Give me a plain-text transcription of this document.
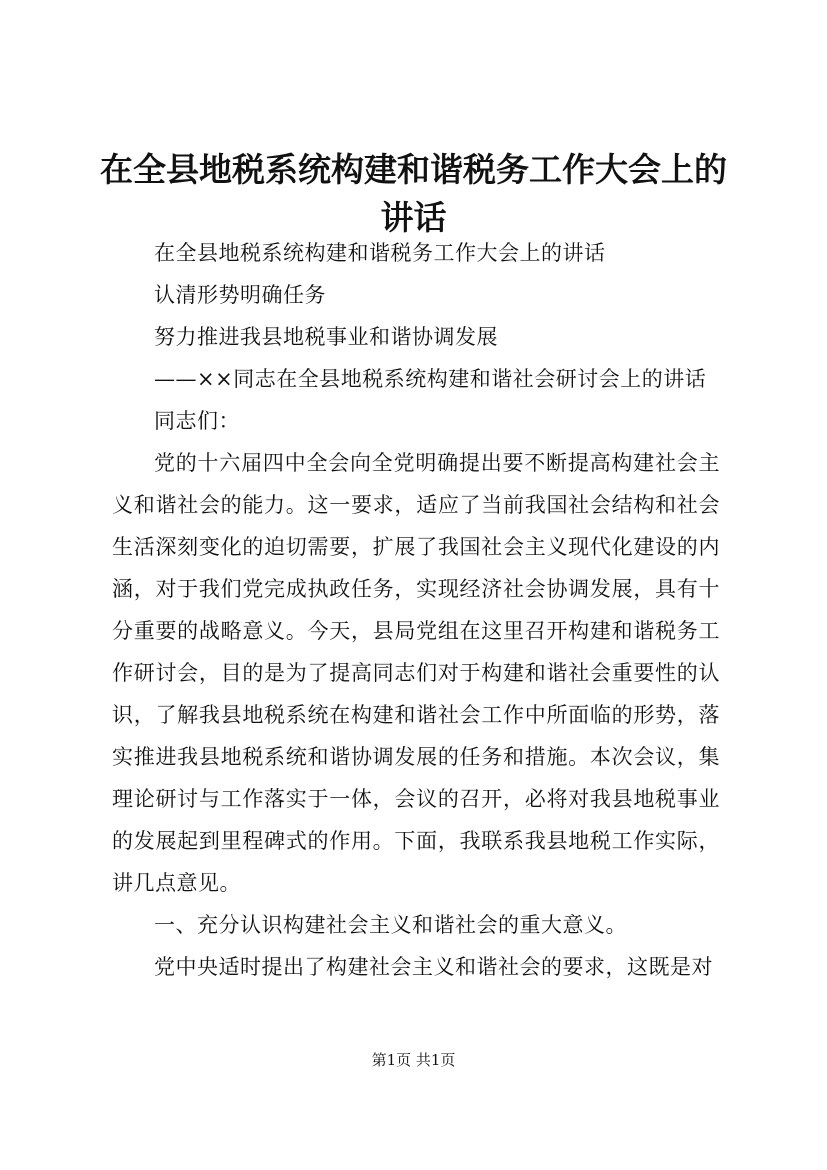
在全县地税系统构建和谐税务工作大会上的讲话

在全县地税系统构建和谐税务工作大会上的讲话

认清形势明确任务

努力推进我县地税事业和谐协调发展

——××同志在全县地税系统构建和谐社会研讨会上的讲话

同志们：

党的十六届四中全会向全党明确提出要不断提高构建社会主义和谐社会的能力。这一要求，适应了当前我国社会结构和社会生活深刻变化的迫切需要，扩展了我国社会主义现代化建设的内涵，对于我们党完成执政任务，实现经济社会协调发展，具有十分重要的战略意义。今天，县局党组在这里召开构建和谐税务工作研讨会，目的是为了提高同志们对于构建和谐社会重要性的认识，了解我县地税系统在构建和谐社会工作中所面临的形势，落实推进我县地税系统和谐协调发展的任务和措施。本次会议，集理论研讨与工作落实于一体，会议的召开，必将对我县地税事业的发展起到里程碑式的作用。下面，我联系我县地税工作实际，讲几点意见。

一、充分认识构建社会主义和谐社会的重大意义。

党中央适时提出了构建社会主义和谐社会的要求，这既是对

第1页 共1页
